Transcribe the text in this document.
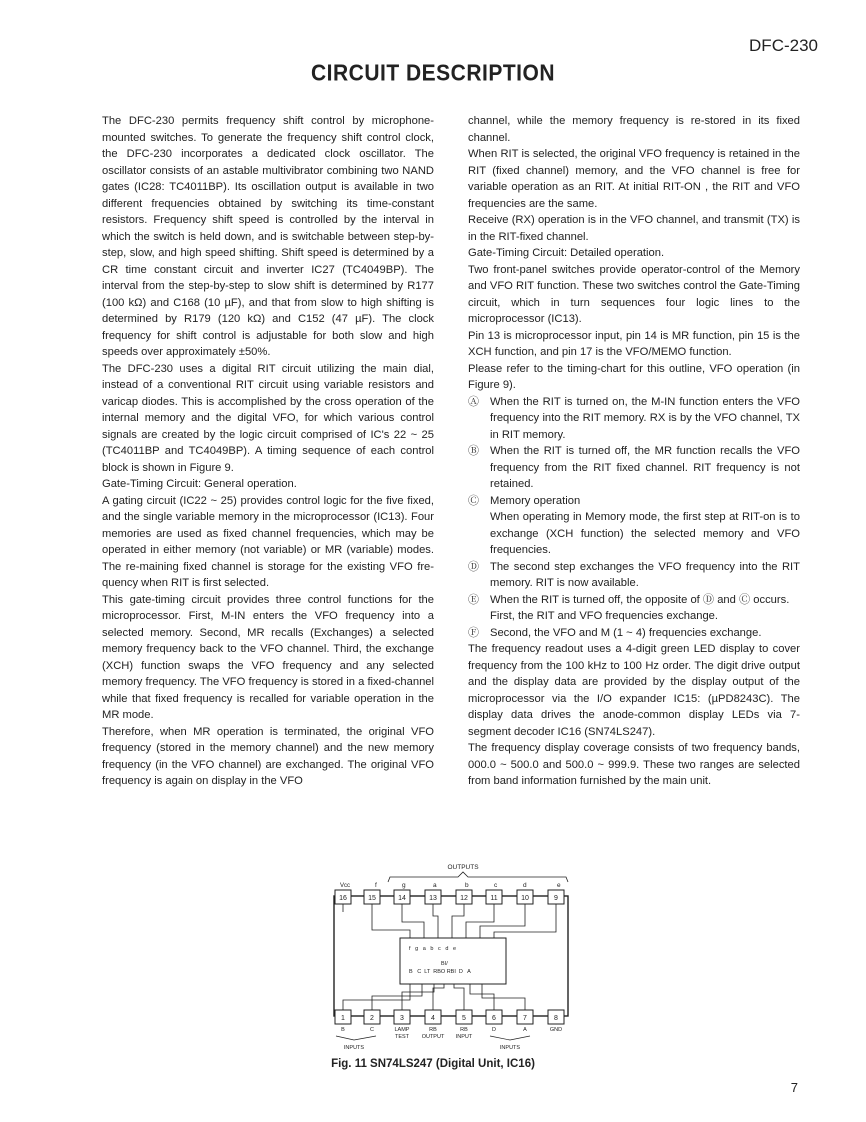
DFC-230
CIRCUIT DESCRIPTION

The DFC-230 permits frequency shift control by microphone-mounted switches. To generate the frequency shift control clock, the DFC-230 incorporates a dedicated clock oscillator. The oscillator consists of an astable multivibrator combining two NAND gates (IC28: TC4011BP). Its oscillation output is available in two different frequencies obtained by switching its time-constant resistors. Frequency shift speed is controlled by the interval in which the switch is held down, and is switchable between step-by-step, slow, and high speed shifting. Shift speed is determined by a CR time constant circuit and inverter IC27 (TC4049BP). The interval from the step-by-step to slow shift is determined by R177 (100 kΩ) and C168 (10 µF), and that from slow to high shifting is determined by R179 (120 kΩ) and C152 (47 µF). The clock frequency for shift control is adjustable for both slow and high speeds over approximately ±50%.

The DFC-230 uses a digital RIT circuit utilizing the main dial, instead of a conventional RIT circuit using variable resistors and varicap diodes. This is accomplished by the cross operation of the internal memory and the digital VFO, for which various control signals are created by the logic circuit comprised of IC's 22 ~ 25 (TC4011BP and TC4049BP). A timing sequence of each control block is shown in Figure 9.

Gate-Timing Circuit: General operation.

A gating circuit (IC22 ~ 25) provides control logic for the five fixed, and the single variable memory in the microprocessor (IC13). Four memories are used as fixed channel frequencies, which may be operated in either memory (not variable) or MR (variable) modes. The re-maining fixed channel is storage for the existing VFO fre-quency when RIT is first selected.

This gate-timing circuit provides three control functions for the microprocessor. First, M-IN enters the VFO frequency into a selected memory. Second, MR recalls (Exchanges) a selected memory frequency back to the VFO channel. Third, the exchange (XCH) function swaps the VFO frequency and any selected memory frequency. The VFO frequency is stored in a fixed-channel while that fixed frequency is recalled for variable operation in the MR mode.

Therefore, when MR operation is terminated, the original VFO frequency (stored in the memory channel) and the new memory frequency (in the VFO channel) are exchanged. The original VFO frequency is again on display in the VFO

channel, while the memory frequency is re-stored in its fixed channel.

When RIT is selected, the original VFO frequency is retained in the RIT (fixed channel) memory, and the VFO channel is free for variable operation as an RIT. At initial RIT-ON , the RIT and VFO frequencies are the same.

Receive (RX) operation is in the VFO channel, and transmit (TX) is in the RIT-fixed channel.

Gate-Timing Circuit: Detailed operation.

Two front-panel switches provide operator-control of the Memory and VFO RIT function. These two switches control the Gate-Timing circuit, which in turn sequences four logic lines to the microprocessor (IC13).

Pin 13 is microprocessor input, pin 14 is MR function, pin 15 is the XCH function, and pin 17 is the VFO/MEMO function.

Please refer to the timing-chart for this outline, VFO operation (in Figure 9).

Ⓐ When the RIT is turned on, the M-IN function enters the VFO frequency into the RIT memory. RX is by the VFO channel, TX in RIT memory.
Ⓑ When the RIT is turned off, the MR function recalls the VFO frequency from the RIT fixed channel. RIT frequency is not retained.
Ⓒ Memory operation

When operating in Memory mode, the first step at RIT-on is to exchange (XCH function) the selected memory and VFO frequencies.

Ⓓ The second step exchanges the VFO frequency into the RIT memory. RIT is now available.
Ⓔ When the RIT is turned off, the opposite of Ⓓ and Ⓒ occurs.

First, the RIT and VFO frequencies exchange.

Ⓕ Second, the VFO and M (1 ~ 4) frequencies exchange.

The frequency readout uses a 4-digit green LED display to cover frequency from the 100 kHz to 100 Hz order. The digit drive output and the display data are provided by the display output of the microprocessor via the I/O expander IC15: (µPD8243C). The display data drives the anode-common display LEDs via 7-segment decoder IC16 (SN74LS247).

The frequency display coverage consists of two frequency bands, 000.0 ~ 500.0 and 500.0 ~ 999.9. These two ranges are selected from band information furnished by the main unit.

OUTPUTS
Vcc	f	g	a	b	c	d	e
16	15	14	13	12	11	10	9
f   g   a   b   c   d   e
BI/
B   C  LT  RBO RBI  D   A
1	2	3	4	5	6	7	8
B	C	LAMP	RB	RB	D	A	GND
TEST OUTPUT INPUT
INPUTS	INPUTS
Fig. 11 SN74LS247 (Digital Unit, IC16)
7
